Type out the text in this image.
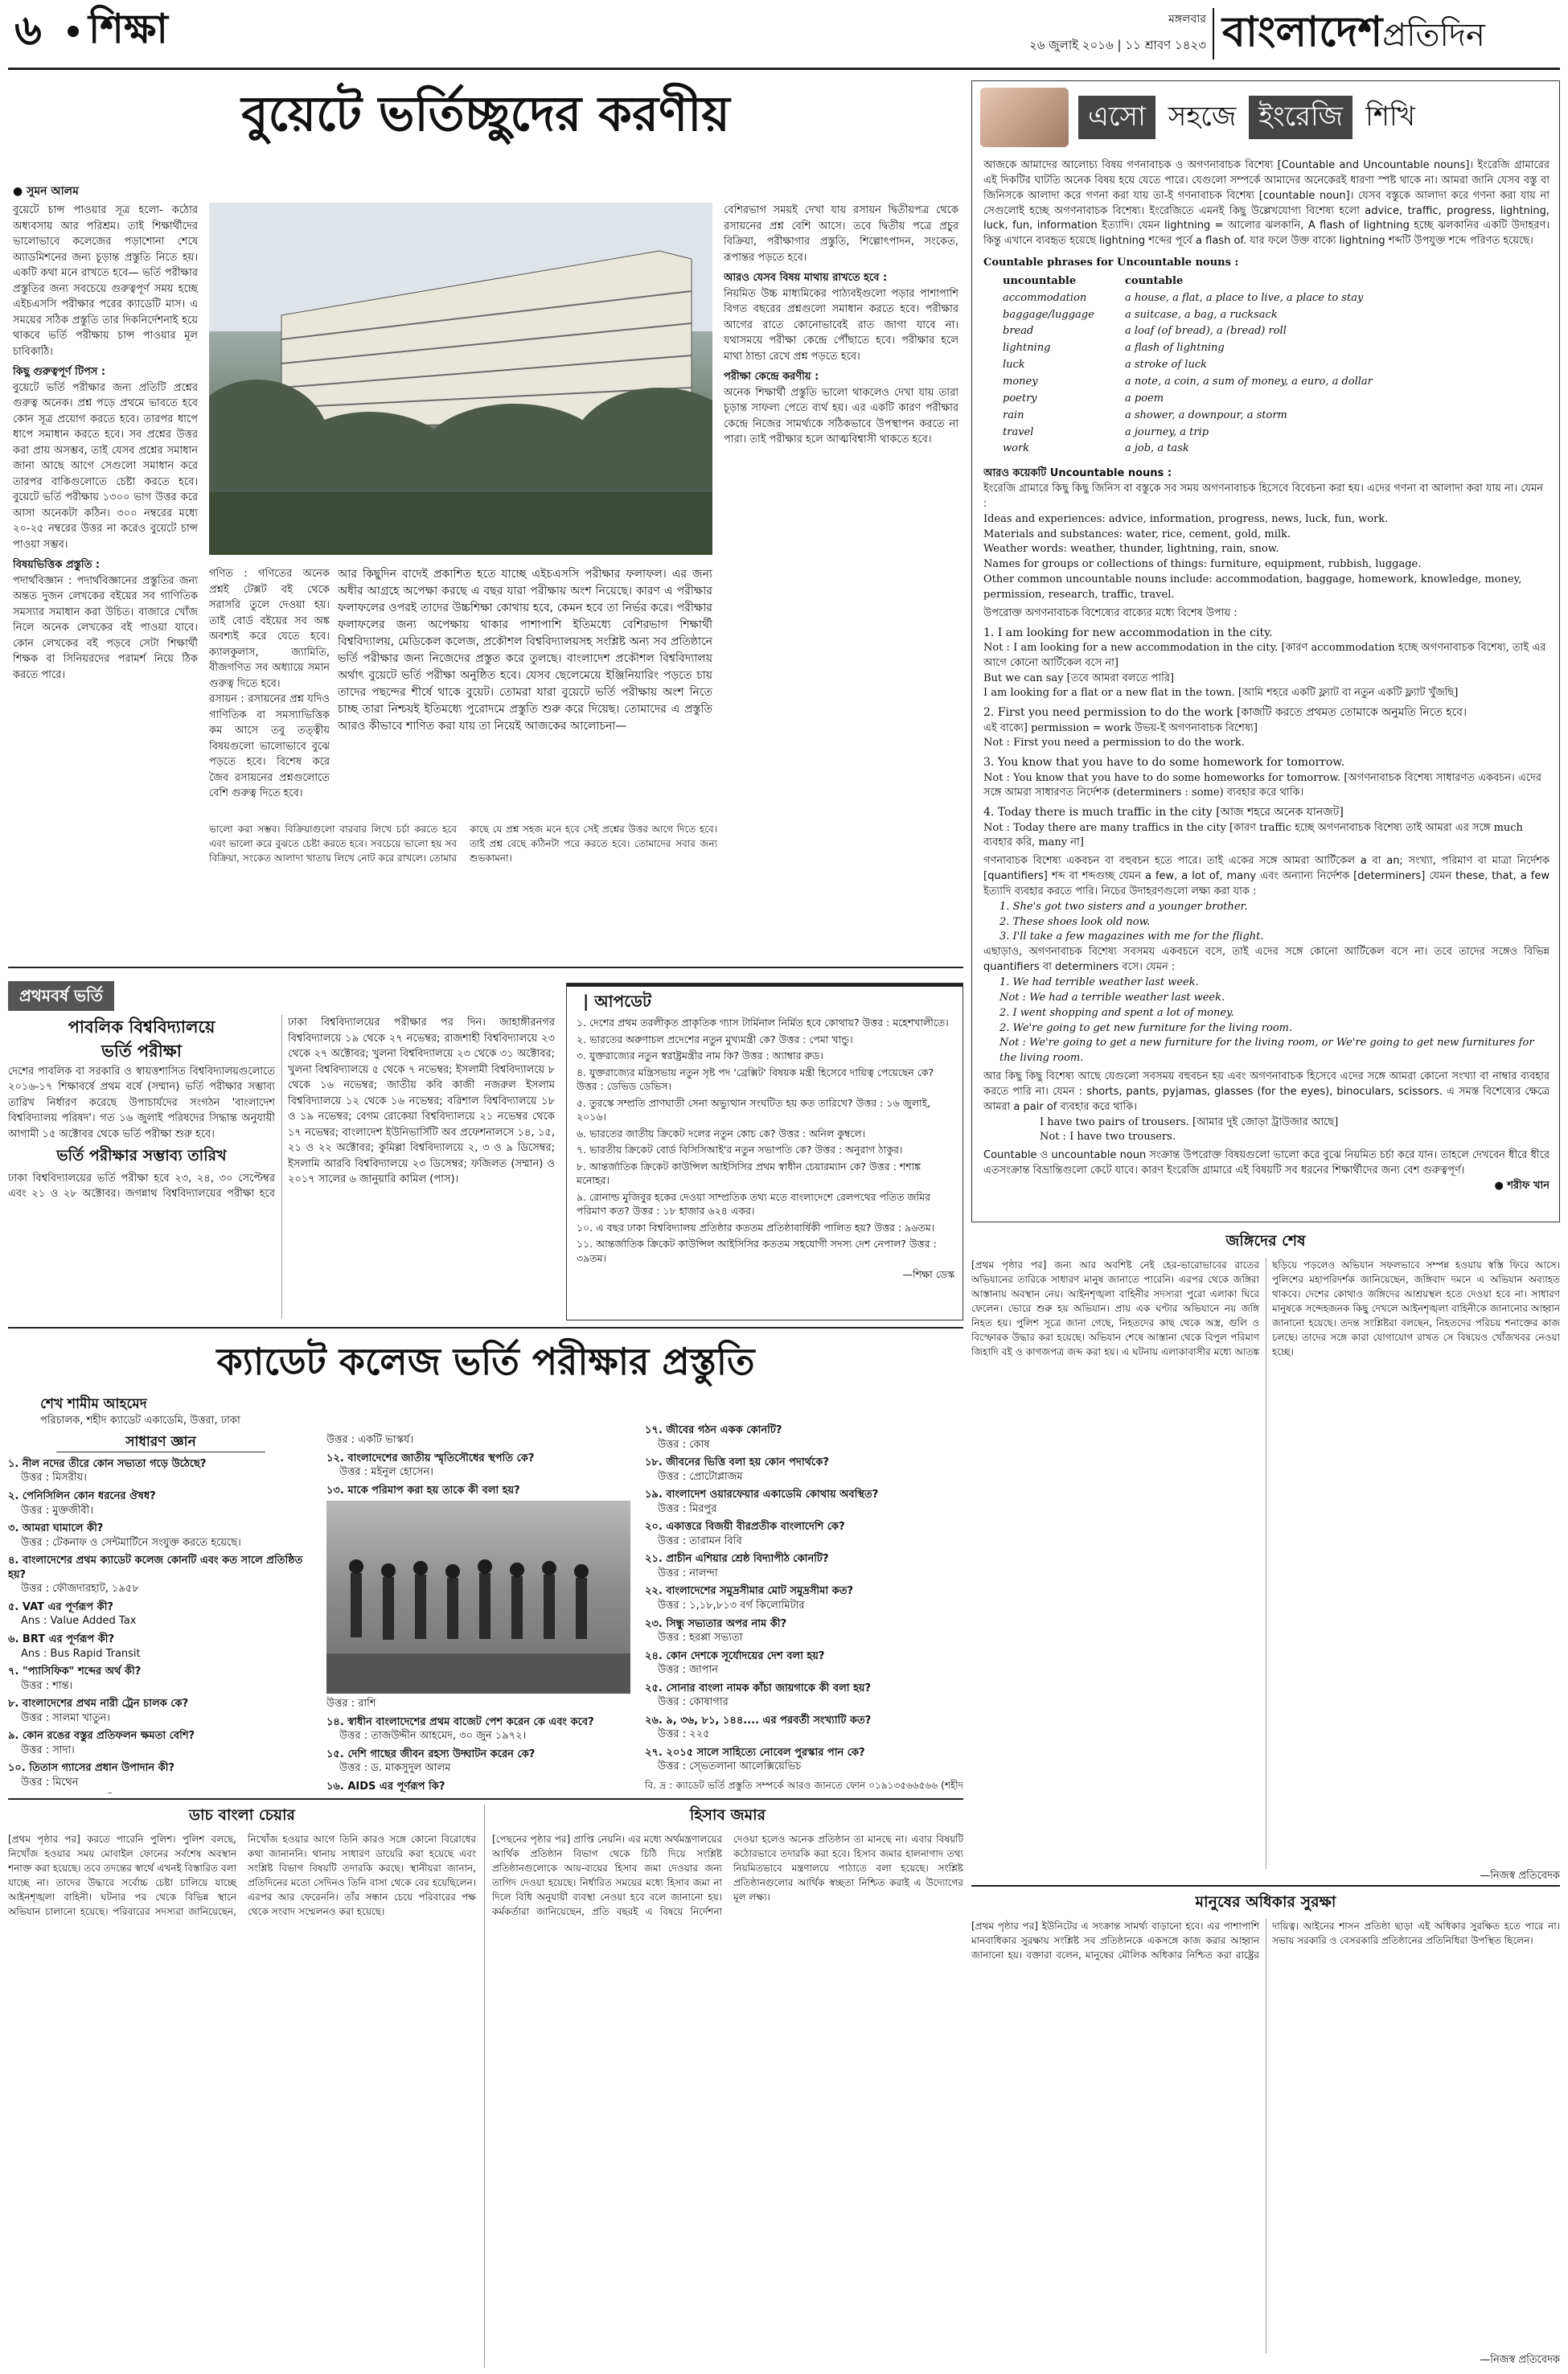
৬ শিক্ষা	মঙ্গলবার
২৬ জুলাই ২০১৬ | ১১ শ্রাবণ ১৪২৩ বাংলাদেশপ্রতিদিন
বুয়েটে ভর্তিচ্ছুদের করণীয়
● সুমন আলম

বুয়েটে চান্স পাওয়ার সূত্র হলো- কঠোর অধ্যবসায় আর পরিশ্রম। তাই শিক্ষার্থীদের ভালোভাবে কলেজের পড়াশোনা শেষে অ্যাডমিশনের জন্য চূড়ান্ত প্রস্তুতি নিতে হয়। একটি কথা মনে রাখতে হবে— ভর্তি পরীক্ষার প্রস্তুতির জন্য সবচেয়ে গুরুত্বপূর্ণ সময় হচ্ছে এইচএসসি পরীক্ষার পরের ক্যাডেটি মাস। এ সময়ের সঠিক প্রস্তুতি তার দিকনির্দেশনাই হয়ে থাকবে ভর্তি পরীক্ষায় চান্স পাওয়ার মূল চাবিকাঠি।

কিছু গুরুত্বপূর্ণ টিপস :

বুয়েটে ভর্তি পরীক্ষার জন্য প্রতিটি প্রশ্নের গুরুত্ব অনেক। প্রশ্ন পড়ে প্রথমে ভাবতে হবে কোন সূত্র প্রয়োগ করতে হবে। তারপর ধাপে ধাপে সমাধান করতে হবে। সব প্রশ্নের উত্তর করা প্রায় অসম্ভব, তাই যেসব প্রশ্নের সমাধান জানা আছে আগে সেগুলো সমাধান করে তারপর বাকিগুলোতে চেষ্টা করতে হবে। বুয়েটে ভর্তি পরীক্ষায় ১৩০০ ভাগ উত্তর করে আসা অনেকটা কঠিন। ৩০০ নম্বরের মধ্যে ২০-২৫ নম্বরের উত্তর না করেও বুয়েটে চান্স পাওয়া সম্ভব।

বিষয়ভিত্তিক প্রস্তুতি :

পদার্থবিজ্ঞান : পদার্থবিজ্ঞানের প্রস্তুতির জন্য অন্তত দুজন লেখকের বইয়ের সব গাণিতিক সমস্যার সমাধান করা উচিত। বাজারে খোঁজ নিলে অনেক লেখকের বই পাওয়া যাবে। কোন লেখকের বই পড়বে সেটা শিক্ষার্থী শিক্ষক বা সিনিয়রদের পরামর্শ নিয়ে ঠিক করতে পারে।

বেশিরভাগ সময়ই দেখা যায় রসায়ন দ্বিতীয়পত্র থেকে রসায়নের প্রশ্ন বেশি আসে। তবে দ্বিতীয় পত্রে প্রচুর বিক্রিয়া, পরীক্ষাগার প্রস্তুতি, শিল্পোৎপাদন, সংকেত, রূপান্তর পড়তে হবে।

আরও যেসব বিষয় মাথায় রাখতে হবে :

নিয়মিত উচ্চ মাধ্যমিকের পাঠ্যবইগুলো পড়ার পাশাপাশি বিগত বছরের প্রশ্নগুলো সমাধান করতে হবে। পরীক্ষার আগের রাতে কোনোভাবেই রাত জাগা যাবে না। যথাসময়ে পরীক্ষা কেন্দ্রে পৌঁছাতে হবে। পরীক্ষার হলে মাথা ঠান্ডা রেখে প্রশ্ন পড়তে হবে।

পরীক্ষা কেন্দ্রে করণীয় :

অনেক শিক্ষার্থী প্রস্তুতি ভালো থাকলেও দেখা যায় তারা চূড়ান্ত সাফল্য পেতে ব্যর্থ হয়। এর একটি কারণ পরীক্ষার কেন্দ্রে নিজের সামর্থ্যকে সঠিকভাবে উপস্থাপন করতে না পারা। তাই পরীক্ষার হলে আত্মবিশ্বাসী থাকতে হবে।

আর কিছুদিন বাদেই প্রকাশিত হতে যাচ্ছে এইচএসসি পরীক্ষার ফলাফল। এর জন্য অধীর আগ্রহে অপেক্ষা করছে এ বছর যারা পরীক্ষায় অংশ নিয়েছে। কারণ এ পরীক্ষার ফলাফলের ওপরই তাদের উচ্চশিক্ষা কোথায় হবে, কেমন হবে তা নির্ভর করে। পরীক্ষার ফলাফলের জন্য অপেক্ষায় থাকার পাশাপাশি ইতিমধ্যে বেশিরভাগ শিক্ষার্থী বিশ্ববিদ্যালয়, মেডিকেল কলেজ, প্রকৌশল বিশ্ববিদ্যালয়সহ সংশ্লিষ্ট অন্য সব প্রতিষ্ঠানে ভর্তি পরীক্ষার জন্য নিজেদের প্রস্তুত করে তুলছে। বাংলাদেশ প্রকৌশল বিশ্ববিদ্যালয় অর্থাৎ বুয়েটে ভর্তি পরীক্ষা অনুষ্ঠিত হবে। যেসব ছেলেমেয়ে ইঞ্জিনিয়ারিং পড়তে চায় তাদের পছন্দের শীর্ষে থাকে বুয়েট। তোমরা যারা বুয়েটে ভর্তি পরীক্ষায় অংশ নিতে চাচ্ছ তারা নিশ্চয়ই ইতিমধ্যে পুরোদমে প্রস্তুতি শুরু করে দিয়েছ। তোমাদের এ প্রস্তুতি আরও কীভাবে শাণিত করা যায় তা নিয়েই আজকের আলোচনা—

গণিত : গণিতের অনেক প্রশ্নই টেক্সট বই থেকে সরাসরি তুলে দেওয়া হয়। তাই বোর্ড বইয়ের সব অঙ্ক অবশ্যই করে যেতে হবে। ক্যালকুলাস, জ্যামিতি, বীজগণিত সব অধ্যায়ে সমান গুরুত্ব দিতে হবে।

রসায়ন : রসায়নের প্রশ্ন যদিও গাণিতিক বা সমস্যাভিত্তিক কম আসে তবু তত্ত্বীয় বিষয়গুলো ভালোভাবে বুঝে পড়তে হবে। বিশেষ করে জৈব রসায়নের প্রশ্নগুলোতে বেশি গুরুত্ব দিতে হবে।

ভালো করা সম্ভব। বিক্রিয়াগুলো বারবার লিখে চর্চা করতে হবে এবং ভালো করে বুঝতে চেষ্টা করতে হবে। সবচেয়ে ভালো হয় সব বিক্রিয়া, সংকেত আলাদা খাতায় লিখে নোট করে রাখলে। তোমার কাছে যে প্রশ্ন সহজ মনে হবে সেই প্রশ্নের উত্তর আগে দিতে হবে। তাই প্রশ্ন বেছে কঠিনটা পরে করতে হবে। তোমাদের সবার জন্য শুভকামনা।
এসো সহজে ইংরেজি শিখি

আজকে আমাদের আলোচ্য বিষয় গণনাবাচক ও অগণনাবাচক বিশেষ্য [Countable and Uncountable nouns]। ইংরেজি গ্রামারের এই দিকটির ঘাটতি অনেক বিষয় হয়ে যেতে পারে। যেগুলো সম্পর্কে আমাদের অনেকেরই ধারণা স্পষ্ট থাকে না। আমরা জানি যেসব বস্তু বা জিনিসকে আলাদা করে গণনা করা যায় তা-ই গণনাবাচক বিশেষ্য [countable noun]। যেসব বস্তুকে আলাদা করে গণনা করা যায় না সেগুলোই হচ্ছে অগণনাবাচক বিশেষ্য। ইংরেজিতে এমনই কিছু উল্লেখযোগ্য বিশেষ্য হলো advice, traffic, progress, lightning, luck, fun, information ইত্যাদি। যেমন lightning = আলোর ঝলকানি, A flash of lightning হচ্ছে ঝলকানির একটি উদাহরণ। কিন্তু এখানে ব্যবহৃত হয়েছে lightning শব্দের পূর্বে a flash of. যার ফলে উক্ত বাক্যে lightning শব্দটি উপযুক্ত শব্দে পরিণত হয়েছে।

Countable phrases for Uncountable nouns :

uncountable	countable
accommodation	a house, a flat, a place to live, a place to stay
baggage/luggage	a suitcase, a bag, a rucksack
bread	a loaf (of bread), a (bread) roll
lightning	a flash of lightning
luck	a stroke of luck
money	a note, a coin, a sum of money, a euro, a dollar
poetry	a poem
rain	a shower, a downpour, a storm
travel	a journey, a trip
work	a job, a task

আরও কয়েকটি Uncountable nouns :

ইংরেজি গ্রামারে কিছু কিছু জিনিস বা বস্তুকে সব সময় অগণনাবাচক হিসেবে বিবেচনা করা হয়। এদের গণনা বা আলাদা করা যায় না। যেমন :

Ideas and experiences: advice, information, progress, news, luck, fun, work.

Materials and substances: water, rice, cement, gold, milk.

Weather words: weather, thunder, lightning, rain, snow.

Names for groups or collections of things: furniture, equipment, rubbish, luggage.

Other common uncountable nouns include: accommodation, baggage, homework, knowledge, money, permission, research, traffic, travel.

উপরোক্ত অগণনাবাচক বিশেষ্যের বাক্যের মধ্যে বিশেষ উপায় :

1. I am looking for new accommodation in the city.

Not : I am looking for a new accommodation in the city. [কারণ accommodation হচ্ছে অগণনাবাচক বিশেষ্য, তাই এর আগে কোনো আর্টিকেল বসে না]

But we can say [তবে আমরা বলতে পারি]

I am looking for a flat or a new flat in the town. [আমি শহরে একটি ফ্ল্যাট বা নতুন একটি ফ্ল্যাট খুঁজছি]

2. First you need permission to do the work [কাজটি করতে প্রথমত তোমাকে অনুমতি নিতে হবে।

এই বাক্যে] permission = work উভয়-ই অগণনাবাচক বিশেষ্য]

Not : First you need a permission to do the work.

3. You know that you have to do some homework for tomorrow.

Not : You know that you have to do some homeworks for tomorrow. [অগণনাবাচক বিশেষ্য সাধারণত একবচন। এদের সঙ্গে আমরা সাধারণত নির্দেশক (determiners : some) ব্যবহার করে থাকি।

4. Today there is much traffic in the city [আজ শহরে অনেক যানজট]

Not : Today there are many traffics in the city [কারণ traffic হচ্ছে অগণনাবাচক বিশেষ্য তাই আমরা এর সঙ্গে much ব্যবহার করি, many না]

গণনাবাচক বিশেষ্য একবচন বা বহুবচন হতে পারে। তাই একের সঙ্গে আমরা আর্টিকেল a বা an; সংখ্যা, পরিমাণ বা মাত্রা নির্দেশক [quantifiers] শব্দ বা শব্দগুচ্ছ যেমন a few, a lot of, many এবং অন্যান্য নির্দেশক [determiners] যেমন these, that, a few ইত্যাদি ব্যবহার করতে পারি। নিচের উদাহরণগুলো লক্ষ্য করা যাক :

1. She's got two sisters and a younger brother.

2. These shoes look old now.

3. I'll take a few magazines with me for the flight.

এছাড়াও, অগণনাবাচক বিশেষ্য সবসময় একবচনে বসে, তাই এদের সঙ্গে কোনো আর্টিকেল বসে না। তবে তাদের সঙ্গেও বিভিন্ন quantifiers বা determiners বসে। যেমন :

1. We had terrible weather last week.

Not : We had a terrible weather last week.

2. I went shopping and spent a lot of money.

2. We're going to get new furniture for the living room.

Not : We're going to get a new furniture for the living room, or We're going to get new furnitures for the living room.

আর কিছু কিছু বিশেষ্য আছে যেগুলো সবসময় বহুবচন হয় এবং অগণনাবাচক হিসেবে এদের সঙ্গে আমরা কোনো সংখ্যা বা নাম্বার ব্যবহার করতে পারি না। যেমন : shorts, pants, pyjamas, glasses (for the eyes), binoculars, scissors. এ সমস্ত বিশেষ্যের ক্ষেত্রে আমরা a pair of ব্যবহার করে থাকি।

I have two pairs of trousers. [আমার দুই জোড়া ট্রাউজার আছে]

Not : I have two trousers.

Countable ও uncountable noun সংক্রান্ত উপরোক্ত বিষয়গুলো ভালো করে বুঝে নিয়মিত চর্চা করে যান। তাহলে দেখবেন ধীরে ধীরে এতসংক্রান্ত বিভ্রান্তিগুলো কেটে যাবে। কারণ ইংরেজি গ্রামারে এই বিষয়টি সব ধরনের শিক্ষার্থীদের জন্য বেশ গুরুত্বপূর্ণ।

● শরীফ খান

প্রথমবর্ষ ভর্তি
পাবলিক বিশ্ববিদ্যালয়ে
ভর্তি পরীক্ষা

দেশের পাবলিক বা সরকারি ও স্বায়ত্তশাসিত বিশ্ববিদ্যালয়গুলোতে ২০১৬-১৭ শিক্ষাবর্ষে প্রথম বর্ষে (সম্মান) ভর্তি পরীক্ষার সম্ভাব্য তারিখ নির্ধারণ করেছে উপাচার্যদের সংগঠন 'বাংলাদেশ বিশ্ববিদ্যালয় পরিষদ'। গত ১৬ জুলাই পরিষদের সিদ্ধান্ত অনুযায়ী আগামী ১৫ অক্টোবর থেকে ভর্তি পরীক্ষা শুরু হবে।

ভর্তি পরীক্ষার সম্ভাব্য তারিখ

ঢাকা বিশ্ববিদ্যালয়ের ভর্তি পরীক্ষা হবে ২৩, ২৪, ৩০ সেপ্টেম্বর এবং ২১ ও ২৮ অক্টোবর। জগন্নাথ বিশ্ববিদ্যালয়ের পরীক্ষা হবে ঢাকা বিশ্ববিদ্যালয়ের পরীক্ষার পর দিন। জাহাঙ্গীরনগর বিশ্ববিদ্যালয়ে ১৯ থেকে ২৭ নভেম্বর; রাজশাহী বিশ্ববিদ্যালয়ে ২৩ থেকে ২৭ অক্টোবর; খুলনা বিশ্ববিদ্যালয়ে ২৩ থেকে ৩১ অক্টোবর; খুলনা বিশ্ববিদ্যালয়ে ৫ থেকে ৭ নভেম্বর; ইসলামী বিশ্ববিদ্যালয়ে ৮ থেকে ১৬ নভেম্বর; জাতীয় কবি কাজী নজরুল ইসলাম বিশ্ববিদ্যালয়ে ১২ থেকে ১৬ নভেম্বর; বরিশাল বিশ্ববিদ্যালয়ে ১৮ ও ১৯ নভেম্বর; বেগম রোকেয়া বিশ্ববিদ্যালয়ে ২১ নভেম্বর থেকে ১৭ নভেম্বর; বাংলাদেশ ইউনিভার্সিটি অব প্রফেশনালসে ১৪, ১৫, ২১ ও ২২ অক্টোবর; কুমিল্লা বিশ্ববিদ্যালয়ে ২, ৩ ও ৯ ডিসেম্বর; ইসলামি আরবি বিশ্ববিদ্যালয়ে ২৩ ডিসেম্বর; ফজিলত (সম্মান) ও ২০১৭ সালের ৬ জানুয়ারি কামিল (পাস)।

| আপডেট

১. দেশের প্রথম তরলীকৃত প্রাকৃতিক গ্যাস টার্মিনাল নির্মিত হবে কোথায়? উত্তর : মহেশখালীতে।

২. ভারতের অরুণাচল প্রদেশের নতুন মুখ্যমন্ত্রী কে? উত্তর : পেমা খান্ডু।

৩. যুক্তরাজ্যের নতুন স্বরাষ্ট্রমন্ত্রীর নাম কি? উত্তর : অ্যাম্বার রুড।

৪. যুক্তরাজ্যের মন্ত্রিসভায় নতুন সৃষ্ট পদ 'ব্রেক্সিট' বিষয়ক মন্ত্রী হিসেবে দায়িত্ব পেয়েছেন কে? উত্তর : ডেভিড ডেভিস।

৫. তুরস্কে সম্প্রতি প্রাণঘাতী সেনা অভ্যুত্থান সংঘটিত হয় কত তারিখে? উত্তর : ১৬ জুলাই, ২০১৬।

৬. ভারতের জাতীয় ক্রিকেট দলের নতুন কোচ কে? উত্তর : অনিল কুম্বলে।

৭. ভারতীয় ক্রিকেট বোর্ড বিসিসিআই'র নতুন সভাপতি কে? উত্তর : অনুরাগ ঠাকুর।

৮. আন্তর্জাতিক ক্রিকেট কাউন্সিল আইসিসির প্রথম স্বাধীন চেয়ারম্যান কে? উত্তর : শশাঙ্ক মনোহর।

৯. রোনাল্ড মুজিবুর হকের দেওয়া সাম্প্রতিক তথ্য মতে বাংলাদেশে রেলপথের পতিত জমির পরিমাণ কত? উত্তর : ১৮ হাজার ৬২৪ একর।

১০. এ বছর ঢাকা বিশ্ববিদ্যালয় প্রতিষ্ঠার কততম প্রতিষ্ঠাবার্ষিকী পালিত হয়? উত্তর : ৯৬তম।

১১. আন্তর্জাতিক ক্রিকেট কাউন্সিল আইসিসির কততম সহযোগী সদস্য দেশ নেপাল? উত্তর : ৩৯তম।

—শিক্ষা ডেস্ক

ক্যাডেট কলেজ ভর্তি পরীক্ষার প্রস্তুতি
শেখ শামীম আহমেদ
পরিচালক, শহীদ ক্যাডেট একাডেমি, উত্তরা, ঢাকা
সাধারণ জ্ঞান

১. নীল নদের তীরে কোন সভ্যতা গড়ে উঠেছে?

উত্তর : মিসরীয়।

২. পেনিসিলিন কোন ধরনের ঔষধ?

উত্তর : মুক্তজীবী।

৩. আমরা ঘামালে কী?

উত্তর : টেকনাফ ও সেন্টমার্টিনে সংযুক্ত করতে হয়েছে।

৪. বাংলাদেশের প্রথম ক্যাডেট কলেজ কোনটি এবং কত সালে প্রতিষ্ঠিত হয়?

উত্তর : ফৌজদারহাট, ১৯৫৮

৫. VAT এর পূর্ণরূপ কী?

Ans : Value Added Tax

৬. BRT এর পূর্ণরূপ কী?

Ans : Bus Rapid Transit

৭. "প্যাসিফিক" শব্দের অর্থ কী?

উত্তর : শান্ত।

৮. বাংলাদেশের প্রথম নারী ট্রেন চালক কে?

উত্তর : সালমা খাতুন।

৯. কোন রঙের বস্তুর প্রতিফলন ক্ষমতা বেশি?

উত্তর : সাদা।

১০. তিতাস গ্যাসের প্রধান উপাদান কী?

উত্তর : মিথেন

উত্তর : একটি ভাস্কর্য।

১২. বাংলাদেশের জাতীয় স্মৃতিসৌধের স্থপতি কে?

উত্তর : মইনুল হোসেন।

১৩. মাকে পরিমাপ করা হয় তাকে কী বলা হয়?

উত্তর : রাশি

১৪. স্বাধীন বাংলাদেশের প্রথম বাজেট পেশ করেন কে এবং কবে?

উত্তর : তাজউদ্দীন আহমেদ, ৩০ জুন ১৯৭২।

১৫. দেশি গাছের জীবন রহস্য উদ্ঘাটন করেন কে?

উত্তর : ড. মাকসুদুল আলম

১৬. AIDS এর পূর্ণরূপ কি?

১৭. জীবের গঠন একক কোনটি?

উত্তর : কোষ

১৮. জীবনের ভিত্তি বলা হয় কোন পদার্থকে?

উত্তর : প্রোটোপ্লাজম

১৯. বাংলাদেশ ওয়ারফেয়ার একাডেমি কোথায় অবস্থিত?

উত্তর : মিরপুর

২০. একাত্তরে বিজয়ী বীরপ্রতীক বাংলাদেশি কে?

উত্তর : তারামন বিবি

২১. প্রাচীন এশিয়ার শ্রেষ্ঠ বিদ্যাপীঠ কোনটি?

উত্তর : নালন্দা

২২. বাংলাদেশের সমুদ্রসীমার মোট সমুদ্রসীমা কত?

উত্তর : ১,১৮,৮১৩ বর্গ কিলোমিটার

২৩. সিন্ধু সভ্যতার অপর নাম কী?

উত্তর : হরপ্পা সভ্যতা

২৪. কোন দেশকে সূর্যোদয়ের দেশ বলা হয়?

উত্তর : জাপান

২৫. সোনার বাংলা নামক কাঁচা জায়গাকে কী বলা হয়?

উত্তর : কোষাগার

২৬. ৯, ৩৬, ৮১, ১৪৪.... এর পরবর্তী সংখ্যাটি কত?

উত্তর : ২২৫

২৭. ২০১৫ সালে সাহিত্যে নোবেল পুরস্কার পান কে?

উত্তর : স্ভেতলানা আলেক্সিয়েভিচ

বি. দ্র : ক্যাডেট ভর্তি প্রস্তুতি সম্পর্কে আরও জানতে ফোন ০১৯১৩৫৬৬৫৬৬ (শহীদ

ডাচ বাংলা চেয়ার
[প্রথম পৃষ্ঠার পর] করতে পারেনি পুলিশ। পুলিশ বলছে, নিখোঁজ হওয়ার সময় মোবাইল ফোনের সর্বশেষ অবস্থান শনাক্ত করা হয়েছে। তবে তদন্তের স্বার্থে এখনই বিস্তারিত বলা যাচ্ছে না। তাদের উদ্ধারে সর্বোচ্চ চেষ্টা চালিয়ে যাচ্ছে আইনশৃঙ্খলা বাহিনী। ঘটনার পর থেকে বিভিন্ন স্থানে অভিযান চালানো হয়েছে। পরিবারের সদস্যরা জানিয়েছেন, নিখোঁজ হওয়ার আগে তিনি কারও সঙ্গে কোনো বিরোধের কথা জানাননি। থানায় সাধারণ ডায়েরি করা হয়েছে এবং সংশ্লিষ্ট বিভাগ বিষয়টি তদারকি করছে। স্থানীয়রা জানান, প্রতিদিনের মতো সেদিনও তিনি বাসা থেকে বের হয়েছিলেন। এরপর আর ফেরেননি। তাঁর সন্ধান চেয়ে পরিবারের পক্ষ থেকে সংবাদ সম্মেলনও করা হয়েছে।
হিসাব জমার
[পেছনের পৃষ্ঠার পর] প্রাপ্তি নেয়নি। এর মধ্যে অর্থমন্ত্রণালয়ের আর্থিক প্রতিষ্ঠান বিভাগ থেকে চিঠি দিয়ে সংশ্লিষ্ট প্রতিষ্ঠানগুলোকে আয়-ব্যয়ের হিসাব জমা দেওয়ার জন্য তাগিদ দেওয়া হয়েছে। নির্ধারিত সময়ের মধ্যে হিসাব জমা না দিলে বিধি অনুযায়ী ব্যবস্থা নেওয়া হবে বলে জানানো হয়। কর্মকর্তারা জানিয়েছেন, প্রতি বছরই এ বিষয়ে নির্দেশনা দেওয়া হলেও অনেক প্রতিষ্ঠান তা মানছে না। এবার বিষয়টি কঠোরভাবে তদারকি করা হবে। হিসাব জমার হালনাগাদ তথ্য নিয়মিতভাবে মন্ত্রণালয়ে পাঠাতে বলা হয়েছে। সংশ্লিষ্ট প্রতিষ্ঠানগুলোর আর্থিক স্বচ্ছতা নিশ্চিত করাই এ উদ্যোগের মূল লক্ষ্য।
জঙ্গিদের শেষ
[প্রথম পৃষ্ঠার পর] জন্য আর অবশিষ্ট নেই হের-ভারোভাবের রাতের অভিযানের তারিকে সাধারণ মানুষ জানাতে পারেনি। এরপর থেকে জঙ্গিরা আস্তানায় অবস্থান নেয়। আইনশৃঙ্খলা বাহিনীর সদস্যরা পুরো এলাকা ঘিরে ফেলেন। ভোরে শুরু হয় অভিযান। প্রায় এক ঘণ্টার অভিযানে নয় জঙ্গি নিহত হয়। পুলিশ সূত্রে জানা গেছে, নিহতদের কাছ থেকে অস্ত্র, গুলি ও বিস্ফোরক উদ্ধার করা হয়েছে। অভিযান শেষে আস্তানা থেকে বিপুল পরিমাণ জিহাদি বই ও কাগজপত্র জব্দ করা হয়। এ ঘটনায় এলাকাবাসীর মধ্যে আতঙ্ক ছড়িয়ে পড়লেও অভিযান সফলভাবে সম্পন্ন হওয়ায় স্বস্তি ফিরে আসে। পুলিশের মহাপরিদর্শক জানিয়েছেন, জঙ্গিবাদ দমনে এ অভিযান অব্যাহত থাকবে। দেশের কোথাও জঙ্গিদের আশ্রয়স্থল হতে দেওয়া হবে না। সাধারণ মানুষকে সন্দেহজনক কিছু দেখলে আইনশৃঙ্খলা বাহিনীকে জানানোর আহ্বান জানানো হয়েছে। তদন্ত সংশ্লিষ্টরা বলছেন, নিহতদের পরিচয় শনাক্তের কাজ চলছে। তাদের সঙ্গে কারা যোগাযোগ রাখত সে বিষয়েও খোঁজখবর নেওয়া হচ্ছে।
—নিজস্ব প্রতিবেদক
মানুষের অধিকার সুরক্ষা
[প্রথম পৃষ্ঠার পর] ইউনিটের এ সংক্রান্ত সামর্থ্য বাড়ানো হবে। এর পাশাপাশি মানবাধিকার সুরক্ষায় সংশ্লিষ্ট সব প্রতিষ্ঠানকে একসঙ্গে কাজ করার আহ্বান জানানো হয়। বক্তারা বলেন, মানুষের মৌলিক অধিকার নিশ্চিত করা রাষ্ট্রের দায়িত্ব। আইনের শাসন প্রতিষ্ঠা ছাড়া এই অধিকার সুরক্ষিত হতে পারে না। সভায় সরকারি ও বেসরকারি প্রতিষ্ঠানের প্রতিনিধিরা উপস্থিত ছিলেন।
—নিজস্ব প্রতিবেদক
